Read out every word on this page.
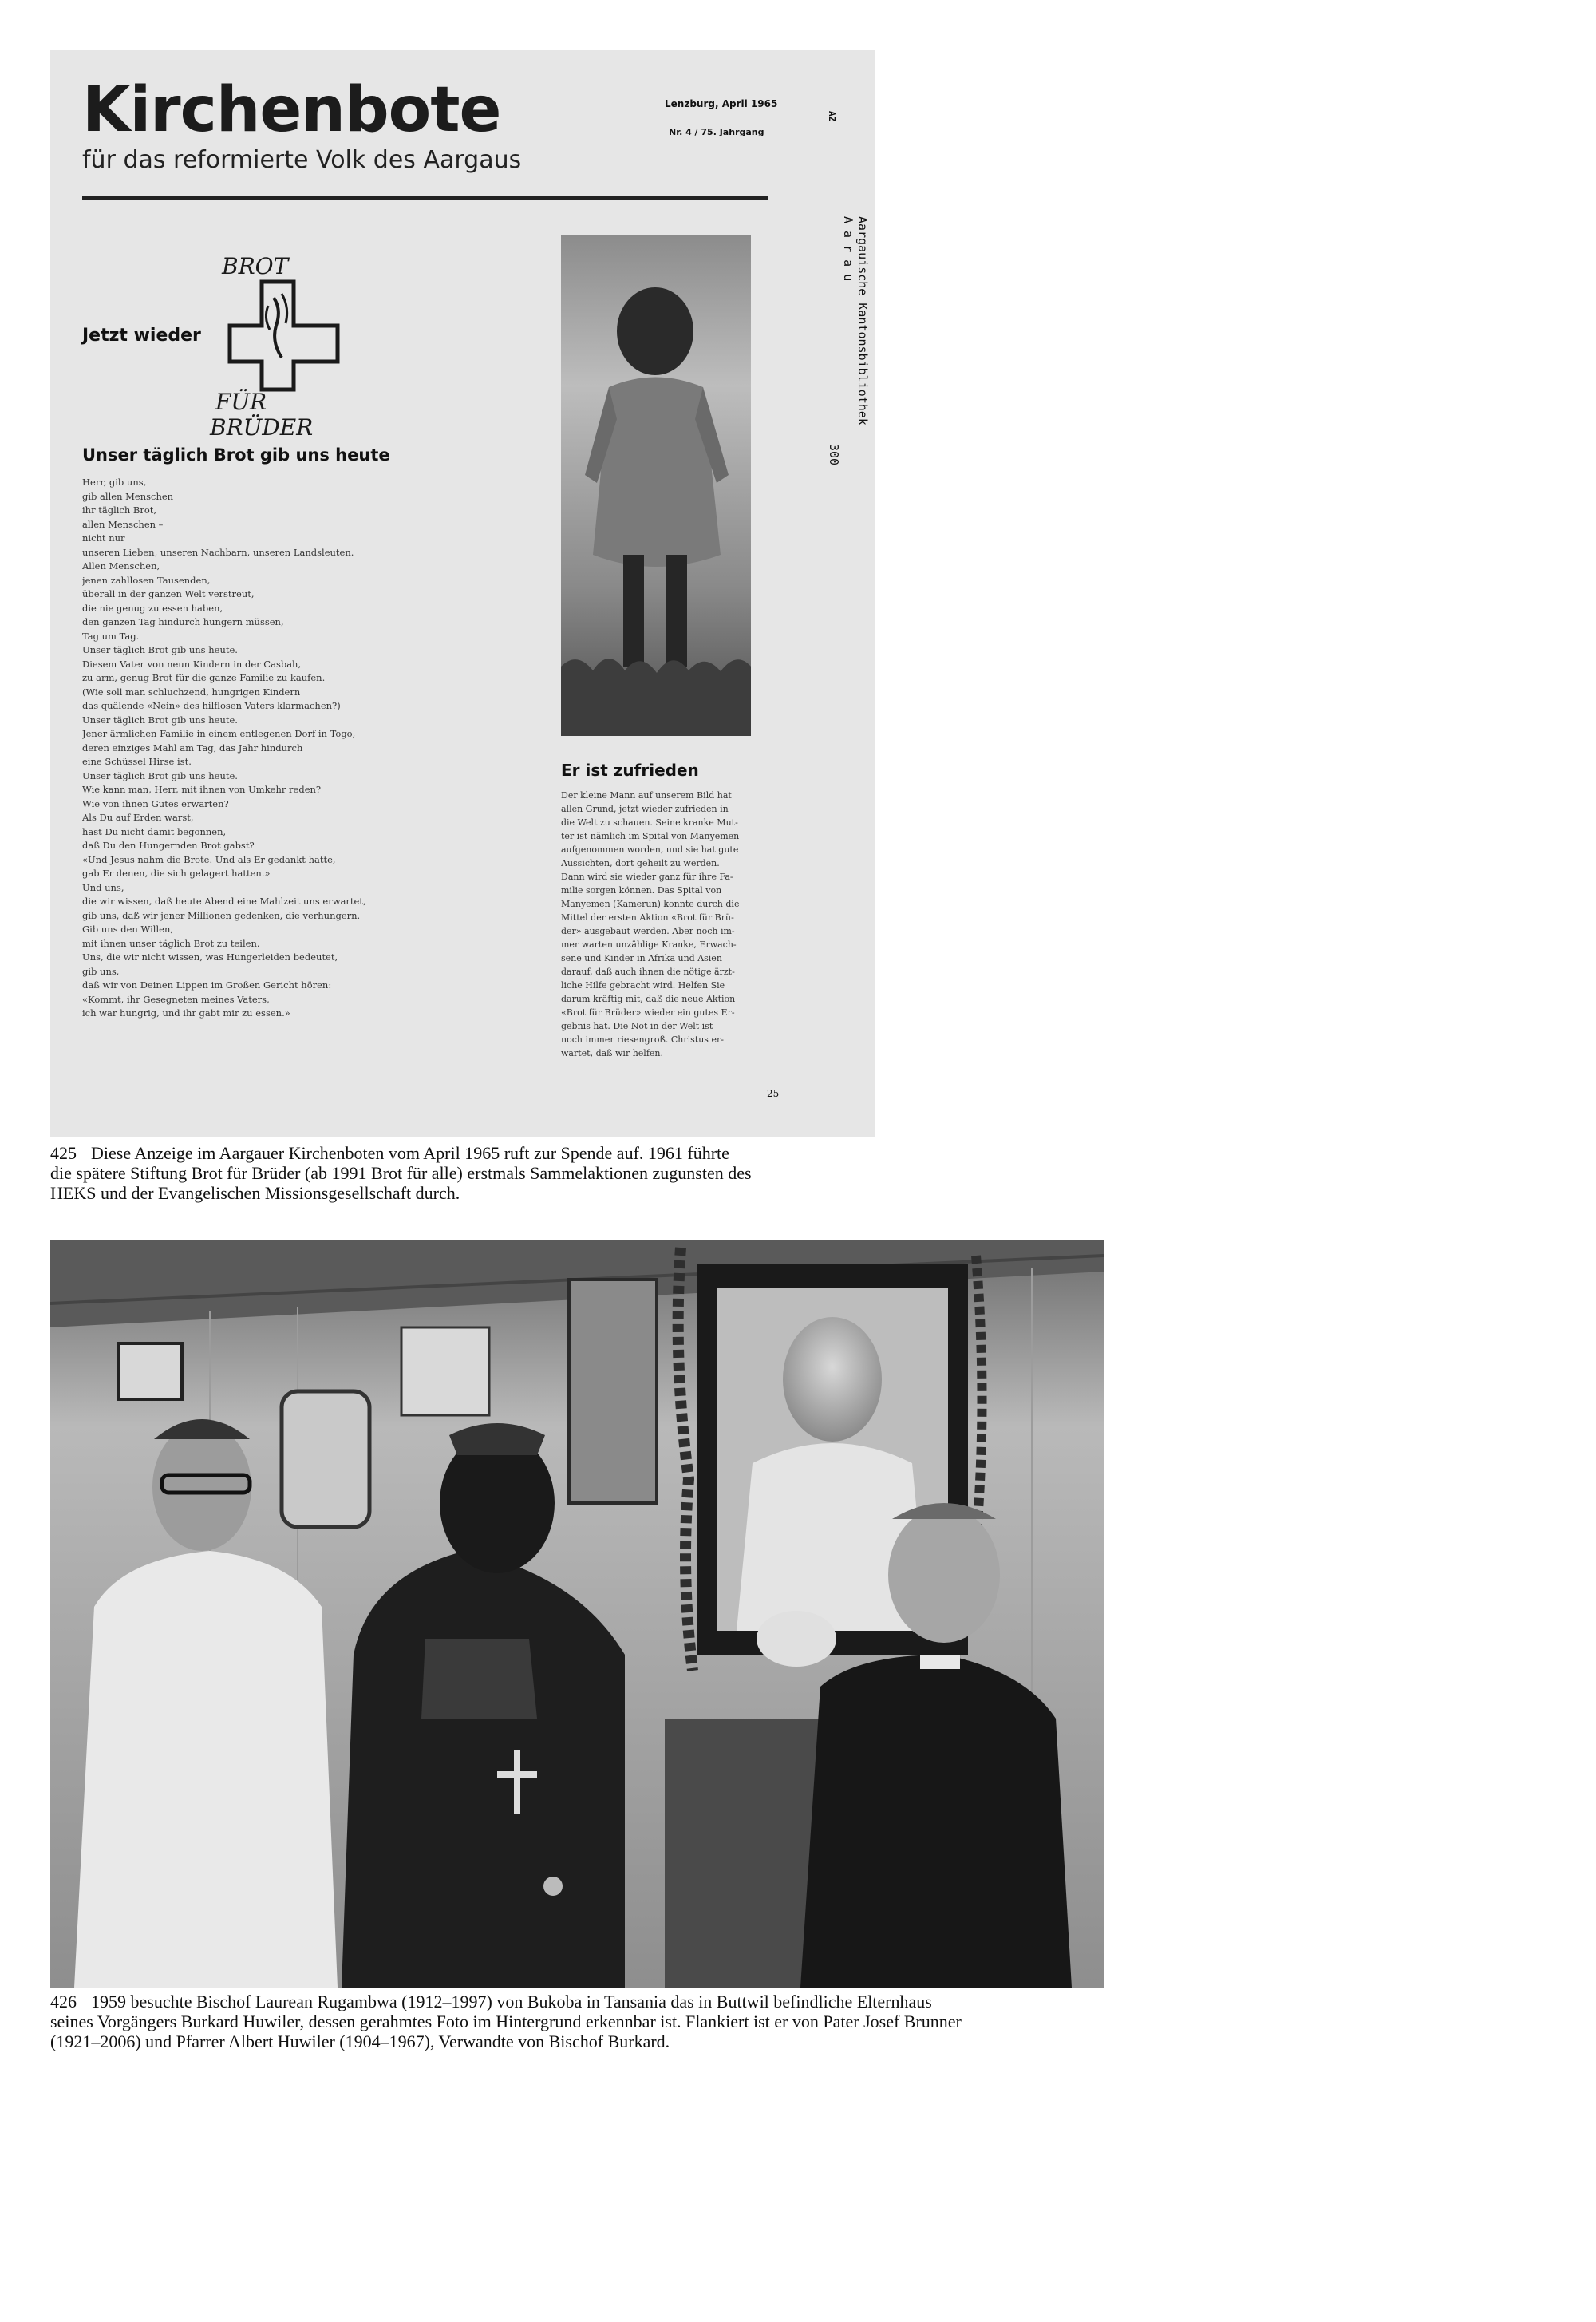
Kirchenbote
für das reformierte Volk des Aargaus
Lenzburg, April 1965
Nr. 4 / 75. Jahrgang
AZ
Aargauische Kantonsbibliothek
A a r a u
300
Jetzt wieder
BROT
FÜR
BRÜDER
Unser täglich Brot gib uns heute
Herr, gib uns,
gib allen Menschen
ihr täglich Brot,
allen Menschen –
nicht nur
unseren Lieben, unseren Nachbarn, unseren Landsleuten.
Allen Menschen,
jenen zahllosen Tausenden,
überall in der ganzen Welt verstreut,
die nie genug zu essen haben,
den ganzen Tag hindurch hungern müssen,
Tag um Tag.
Unser täglich Brot gib uns heute.
Diesem Vater von neun Kindern in der Casbah,
zu arm, genug Brot für die ganze Familie zu kaufen.
(Wie soll man schluchzend, hungrigen Kindern
das quälende «Nein» des hilflosen Vaters klarmachen?)
Unser täglich Brot gib uns heute.
Jener ärmlichen Familie in einem entlegenen Dorf in Togo,
deren einziges Mahl am Tag, das Jahr hindurch
eine Schüssel Hirse ist.
Unser täglich Brot gib uns heute.
Wie kann man, Herr, mit ihnen von Umkehr reden?
Wie von ihnen Gutes erwarten?
Als Du auf Erden warst,
hast Du nicht damit begonnen,
daß Du den Hungernden Brot gabst?
«Und Jesus nahm die Brote. Und als Er gedankt hatte,
gab Er denen, die sich gelagert hatten.»
Und uns,
die wir wissen, daß heute Abend eine Mahlzeit uns erwartet,
gib uns, daß wir jener Millionen gedenken, die verhungern.
Gib uns den Willen,
mit ihnen unser täglich Brot zu teilen.
Uns, die wir nicht wissen, was Hungerleiden bedeutet,
gib uns,
daß wir von Deinen Lippen im Großen Gericht hören:
«Kommt, ihr Gesegneten meines Vaters,
ich war hungrig, und ihr gabt mir zu essen.»
Er ist zufrieden
Der kleine Mann auf unserem Bild hat
allen Grund, jetzt wieder zufrieden in
die Welt zu schauen. Seine kranke Mut-
ter ist nämlich im Spital von Manyemen
aufgenommen worden, und sie hat gute
Aussichten, dort geheilt zu werden.
Dann wird sie wieder ganz für ihre Fa-
milie sorgen können. Das Spital von
Manyemen (Kamerun) konnte durch die
Mittel der ersten Aktion «Brot für Brü-
der» ausgebaut werden. Aber noch im-
mer warten unzählige Kranke, Erwach-
sene und Kinder in Afrika und Asien
darauf, daß auch ihnen die nötige ärzt-
liche Hilfe gebracht wird. Helfen Sie
darum kräftig mit, daß die neue Aktion
«Brot für Brüder» wieder ein gutes Er-
gebnis hat. Die Not in der Welt ist
noch immer riesengroß. Christus er-
wartet, daß wir helfen.
25
425 Diese Anzeige im Aargauer Kirchenboten vom April 1965 ruft zur Spende auf. 1961 führte
die spätere Stiftung Brot für Brüder (ab 1991 Brot für alle) erstmals Sammelaktionen zugunsten des
HEKS und der Evangelischen Missionsgesellschaft durch.
426 1959 besuchte Bischof Laurean Rugambwa (1912–1997) von Bukoba in Tansania das in Buttwil befindliche Elternhaus
seines Vorgängers Burkard Huwiler, dessen gerahmtes Foto im Hintergrund erkennbar ist. Flankiert ist er von Pater Josef Brunner
(1921–2006) und Pfarrer Albert Huwiler (1904–1967), Verwandte von Bischof Burkard.
